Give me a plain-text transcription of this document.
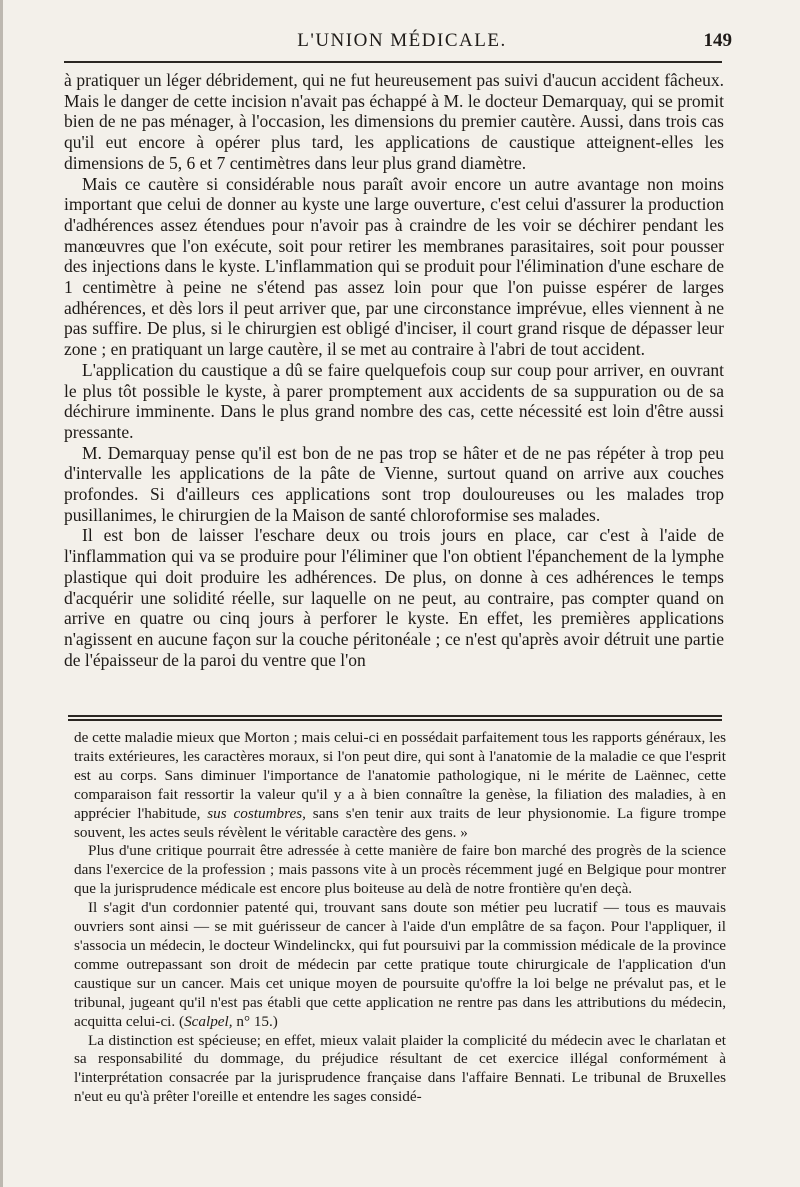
L'UNION MÉDICALE.	149

à pratiquer un léger débridement, qui ne fut heureusement pas suivi d'aucun accident fâcheux. Mais le danger de cette incision n'avait pas échappé à M. le docteur Demarquay, qui se promit bien de ne pas ménager, à l'occasion, les dimensions du premier cautère. Aussi, dans trois cas qu'il eut encore à opérer plus tard, les applications de caustique atteignent-elles les dimensions de 5, 6 et 7 centimètres dans leur plus grand diamètre.

Mais ce cautère si considérable nous paraît avoir encore un autre avantage non moins important que celui de donner au kyste une large ouverture, c'est celui d'assurer la production d'adhérences assez étendues pour n'avoir pas à craindre de les voir se déchirer pendant les manœuvres que l'on exécute, soit pour retirer les membranes parasitaires, soit pour pousser des injections dans le kyste. L'inflammation qui se produit pour l'élimination d'une eschare de 1 centimètre à peine ne s'étend pas assez loin pour que l'on puisse espérer de larges adhérences, et dès lors il peut arriver que, par une circonstance imprévue, elles viennent à ne pas suffire. De plus, si le chirurgien est obligé d'inciser, il court grand risque de dépasser leur zone ; en pratiquant un large cautère, il se met au contraire à l'abri de tout accident.

L'application du caustique a dû se faire quelquefois coup sur coup pour arriver, en ouvrant le plus tôt possible le kyste, à parer promptement aux accidents de sa suppuration ou de sa déchirure imminente. Dans le plus grand nombre des cas, cette nécessité est loin d'être aussi pressante.

M. Demarquay pense qu'il est bon de ne pas trop se hâter et de ne pas répéter à trop peu d'intervalle les applications de la pâte de Vienne, surtout quand on arrive aux couches profondes. Si d'ailleurs ces applications sont trop douloureuses ou les malades trop pusillanimes, le chirurgien de la Maison de santé chloroformise ses malades.

Il est bon de laisser l'eschare deux ou trois jours en place, car c'est à l'aide de l'inflammation qui va se produire pour l'éliminer que l'on obtient l'épanchement de la lymphe plastique qui doit produire les adhérences. De plus, on donne à ces adhérences le temps d'acquérir une solidité réelle, sur laquelle on ne peut, au contraire, pas compter quand on arrive en quatre ou cinq jours à perforer le kyste. En effet, les premières applications n'agissent en aucune façon sur la couche péritonéale ; ce n'est qu'après avoir détruit une partie de l'épaisseur de la paroi du ventre que l'on

de cette maladie mieux que Morton ; mais celui-ci en possédait parfaitement tous les rapports généraux, les traits extérieures, les caractères moraux, si l'on peut dire, qui sont à l'anatomie de la maladie ce que l'esprit est au corps. Sans diminuer l'importance de l'anatomie pathologique, ni le mérite de Laënnec, cette comparaison fait ressortir la valeur qu'il y a à bien connaître la genèse, la filiation des maladies, à en apprécier l'habitude, sus costumbres, sans s'en tenir aux traits de leur physionomie. La figure trompe souvent, les actes seuls révèlent le véritable caractère des gens. »

Plus d'une critique pourrait être adressée à cette manière de faire bon marché des progrès de la science dans l'exercice de la profession ; mais passons vite à un procès récemment jugé en Belgique pour montrer que la jurisprudence médicale est encore plus boiteuse au delà de notre frontière qu'en deçà.

Il s'agit d'un cordonnier patenté qui, trouvant sans doute son métier peu lucratif — tous es mauvais ouvriers sont ainsi — se mit guérisseur de cancer à l'aide d'un emplâtre de sa façon. Pour l'appliquer, il s'associa un médecin, le docteur Windelinckx, qui fut poursuivi par la commission médicale de la province comme outrepassant son droit de médecin par cette pratique toute chirurgicale de l'application d'un caustique sur un cancer. Mais cet unique moyen de poursuite qu'offre la loi belge ne prévalut pas, et le tribunal, jugeant qu'il n'est pas établi que cette application ne rentre pas dans les attributions du médecin, acquitta celui-ci. (Scalpel, n° 15.)

La distinction est spécieuse; en effet, mieux valait plaider la complicité du médecin avec le charlatan et sa responsabilité du dommage, du préjudice résultant de cet exercice illégal conformément à l'interprétation consacrée par la jurisprudence française dans l'affaire Bennati. Le tribunal de Bruxelles n'eut eu qu'à prêter l'oreille et entendre les sages considé-
